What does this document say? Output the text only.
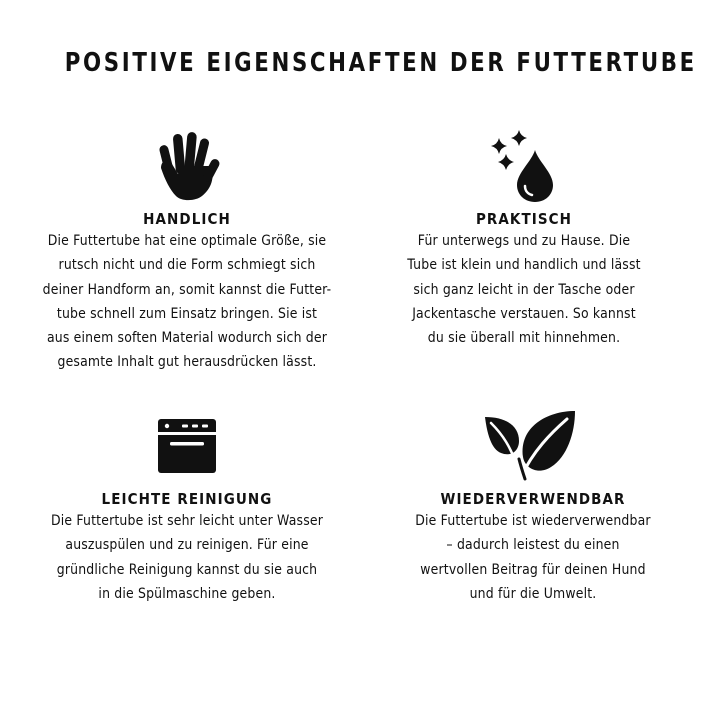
POSITIVE EIGENSCHAFTEN DER FUTTERTUBE
HANDLICH
Die Futtertube hat eine optimale Größe, sie
rutsch nicht und die Form schmiegt sich
deiner Handform an, somit kannst die Futter-
tube schnell zum Einsatz bringen. Sie ist
aus einem soften Material wodurch sich der
gesamte Inhalt gut herausdrücken lässt.
PRAKTISCH
Für unterwegs und zu Hause. Die
Tube ist klein und handlich und lässt
sich ganz leicht in der Tasche oder
Jackentasche verstauen. So kannst
du sie überall mit hinnehmen.
LEICHTE REINIGUNG
Die Futtertube ist sehr leicht unter Wasser
auszuspülen und zu reinigen. Für eine
gründliche Reinigung kannst du sie auch
in die Spülmaschine geben.
WIEDERVERWENDBAR
Die Futtertube ist wiederverwendbar
– dadurch leistest du einen
wertvollen Beitrag für deinen Hund
und für die Umwelt.
